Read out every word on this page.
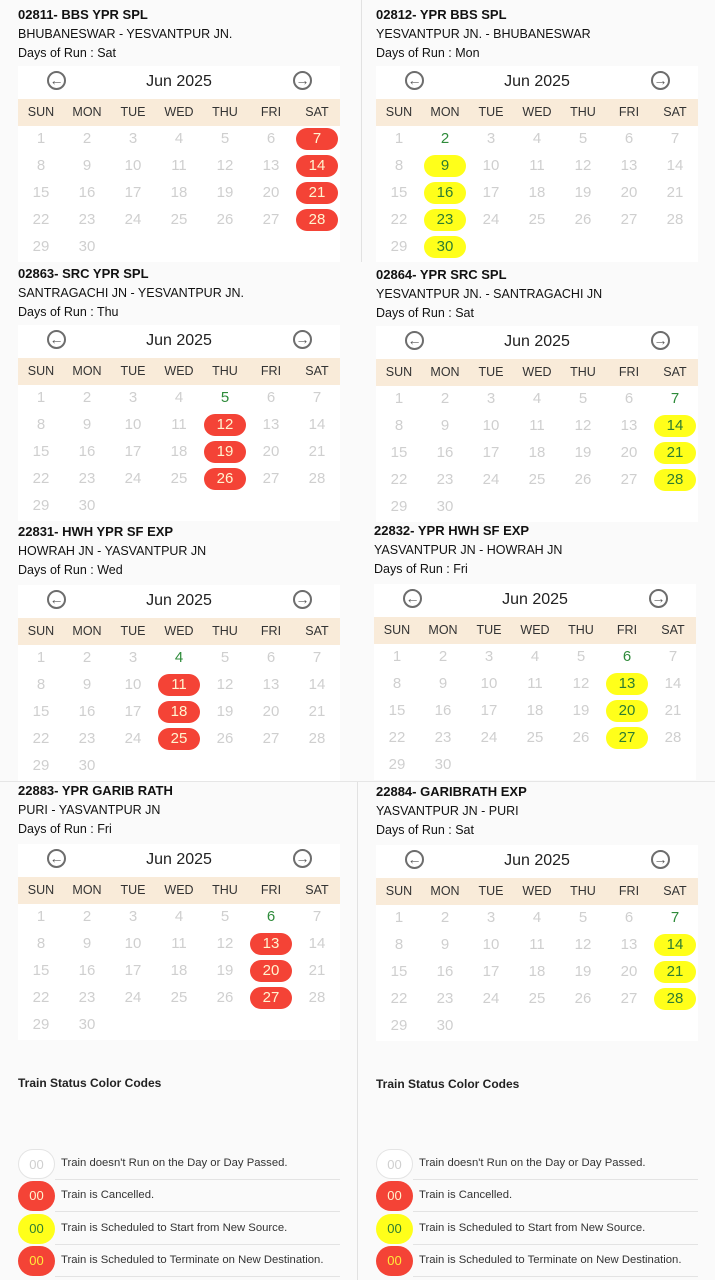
02811- BBS YPR SPL
BHUBANESWAR - YESVANTPUR JN.
Days of Run : Sat
Jun 2025
←	→
SUN	MON	TUE	WED	THU	FRI	SAT
1	2	3	4	5	6	7
8	9	10	11	12	13	14
15	16	17	18	19	20	21
22	23	24	25	26	27	28
29	30
02812- YPR BBS SPL
YESVANTPUR JN. - BHUBANESWAR
Days of Run : Mon
Jun 2025
←	→
SUN	MON	TUE	WED	THU	FRI	SAT
1	2	3	4	5	6	7
8	9	10	11	12	13	14
15	16	17	18	19	20	21
22	23	24	25	26	27	28
29	30
02863- SRC YPR SPL
SANTRAGACHI JN - YESVANTPUR JN.
Days of Run : Thu
Jun 2025
←	→
SUN	MON	TUE	WED	THU	FRI	SAT
1	2	3	4	5	6	7
8	9	10	11	12	13	14
15	16	17	18	19	20	21
22	23	24	25	26	27	28
29	30
02864- YPR SRC SPL
YESVANTPUR JN. - SANTRAGACHI JN
Days of Run : Sat
Jun 2025
←	→
SUN	MON	TUE	WED	THU	FRI	SAT
1	2	3	4	5	6	7
8	9	10	11	12	13	14
15	16	17	18	19	20	21
22	23	24	25	26	27	28
29	30
22831- HWH YPR SF EXP
HOWRAH JN - YASVANTPUR JN
Days of Run : Wed
Jun 2025
←	→
SUN	MON	TUE	WED	THU	FRI	SAT
1	2	3	4	5	6	7
8	9	10	11	12	13	14
15	16	17	18	19	20	21
22	23	24	25	26	27	28
29	30
22832- YPR HWH SF EXP
YASVANTPUR JN - HOWRAH JN
Days of Run : Fri
Jun 2025
←	→
SUN	MON	TUE	WED	THU	FRI	SAT
1	2	3	4	5	6	7
8	9	10	11	12	13	14
15	16	17	18	19	20	21
22	23	24	25	26	27	28
29	30
22883- YPR GARIB RATH
PURI - YASVANTPUR JN
Days of Run : Fri
Jun 2025
←	→
SUN	MON	TUE	WED	THU	FRI	SAT
1	2	3	4	5	6	7
8	9	10	11	12	13	14
15	16	17	18	19	20	21
22	23	24	25	26	27	28
29	30
22884- GARIBRATH EXP
YASVANTPUR JN - PURI
Days of Run : Sat
Jun 2025
←	→
SUN	MON	TUE	WED	THU	FRI	SAT
1	2	3	4	5	6	7
8	9	10	11	12	13	14
15	16	17	18	19	20	21
22	23	24	25	26	27	28
29	30
Train Status Color Codes	Train Status Color Codes
00	Train doesn't Run on the Day or Day Passed.
00	Train is Cancelled.
00	Train is Scheduled to Start from New Source.
00	Train is Scheduled to Terminate on New Destination.
00	Train doesn't Run on the Day or Day Passed.
00	Train is Cancelled.
00	Train is Scheduled to Start from New Source.
00	Train is Scheduled to Terminate on New Destination.
